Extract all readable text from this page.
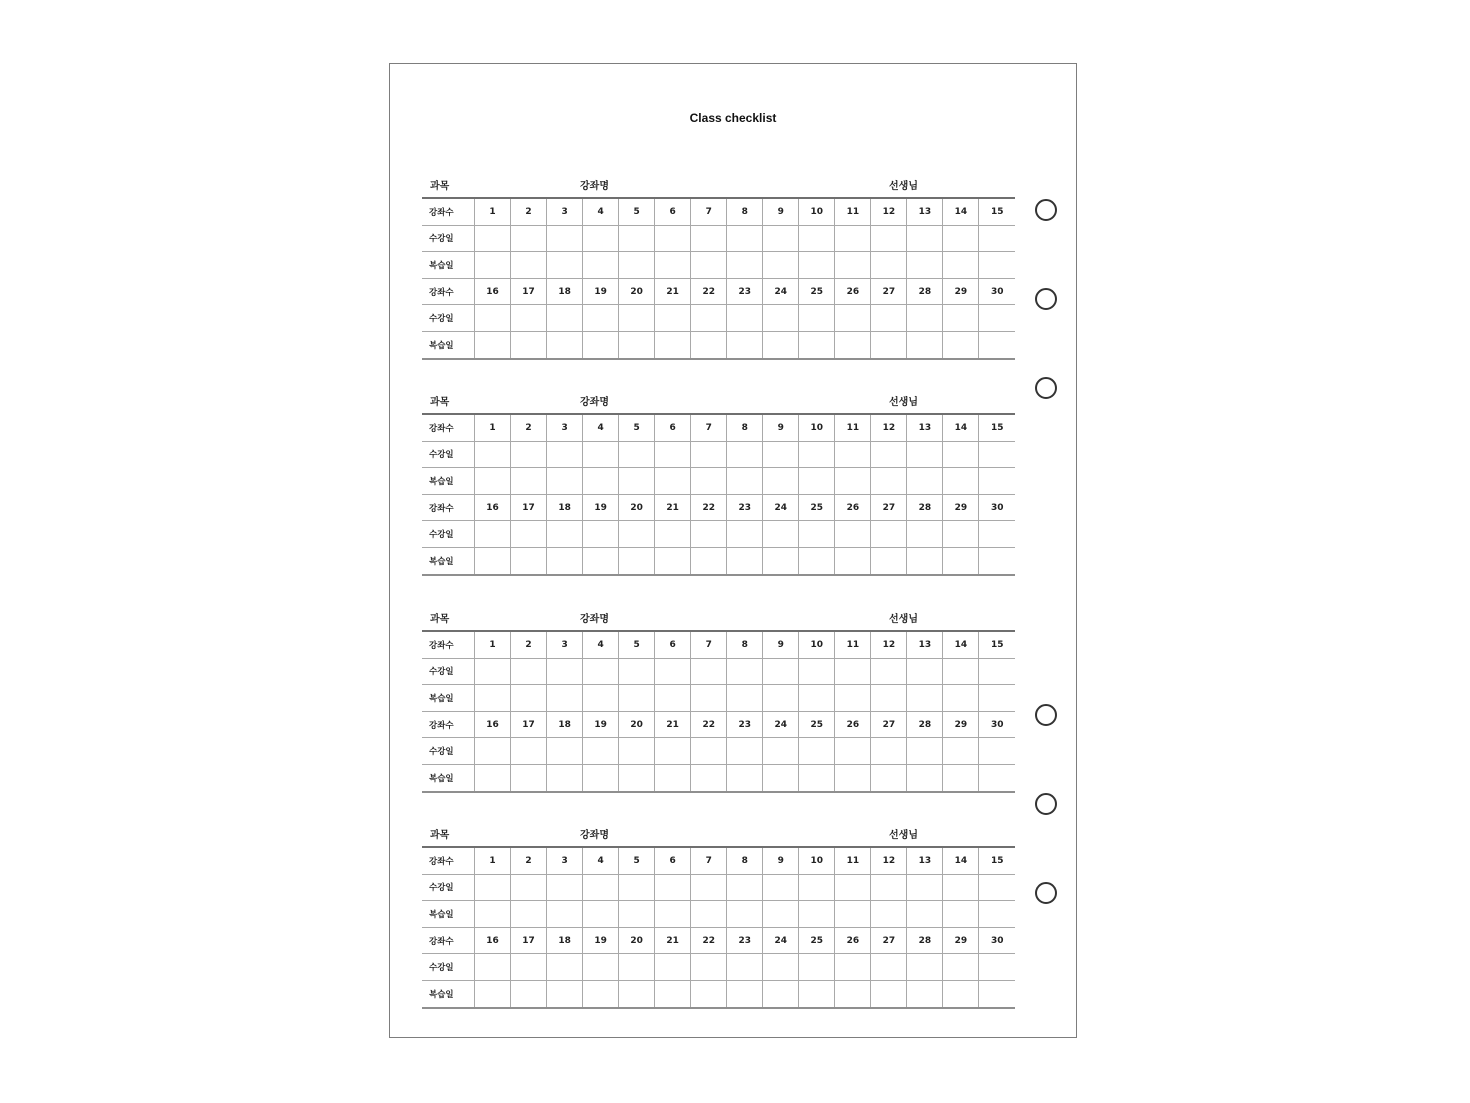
Class checklist
과목	강좌명	선생님
강좌수	1	2	3	4	5	6	7	8	9	10	11	12	13	14	15
수강일															
복습일															
강좌수	16	17	18	19	20	21	22	23	24	25	26	27	28	29	30
수강일															
복습일															
과목	강좌명	선생님
강좌수	1	2	3	4	5	6	7	8	9	10	11	12	13	14	15
수강일															
복습일															
강좌수	16	17	18	19	20	21	22	23	24	25	26	27	28	29	30
수강일															
복습일															
과목	강좌명	선생님
강좌수	1	2	3	4	5	6	7	8	9	10	11	12	13	14	15
수강일															
복습일															
강좌수	16	17	18	19	20	21	22	23	24	25	26	27	28	29	30
수강일															
복습일															
과목	강좌명	선생님
강좌수	1	2	3	4	5	6	7	8	9	10	11	12	13	14	15
수강일															
복습일															
강좌수	16	17	18	19	20	21	22	23	24	25	26	27	28	29	30
수강일															
복습일															
